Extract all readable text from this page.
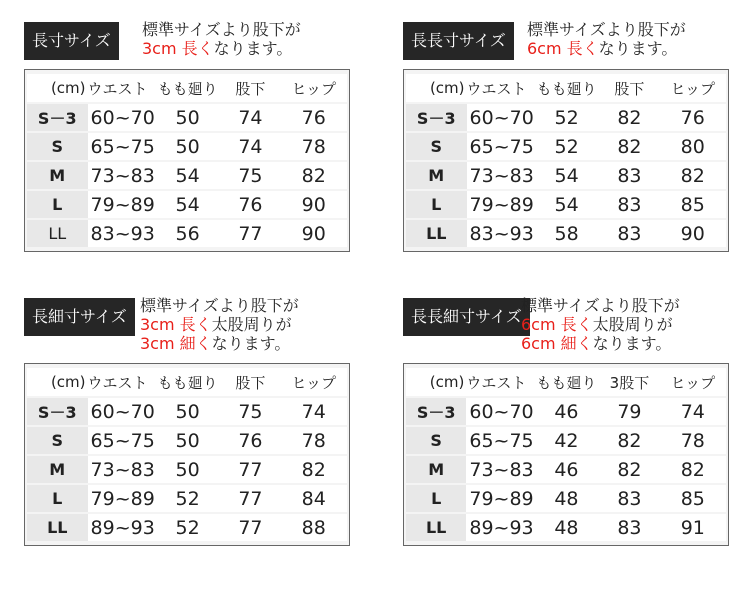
長寸サイズ
標準サイズより股下が
3cm 長くなります。
(cm)	ウエスト	もも廻り	股下	ヒップ
S－3	60~70	50	74	76
S	65~75	50	74	78
M	73~83	54	75	82
L	79~89	54	76	90
LL	83~93	56	77	90
長長寸サイズ
標準サイズより股下が
6cm 長くなります。
(cm)	ウエスト	もも廻り	股下	ヒップ
S－3	60~70	52	82	76
S	65~75	52	82	80
M	73~83	54	83	82
L	79~89	54	83	85
LL	83~93	58	83	90
長細寸サイズ
標準サイズより股下が
3cm 長く太股周りが
3cm 細くなります。
(cm)	ウエスト	もも廻り	股下	ヒップ
S－3	60~70	50	75	74
S	65~75	50	76	78
M	73~83	50	77	82
L	79~89	52	77	84
LL	89~93	52	77	88
長長細寸サイズ
標準サイズより股下が
6cm 長く太股周りが
6cm 細くなります。
(cm)	ウエスト	もも廻り	3股下	ヒップ
S－3	60~70	46	79	74
S	65~75	42	82	78
M	73~83	46	82	82
L	79~89	48	83	85
LL	89~93	48	83	91
